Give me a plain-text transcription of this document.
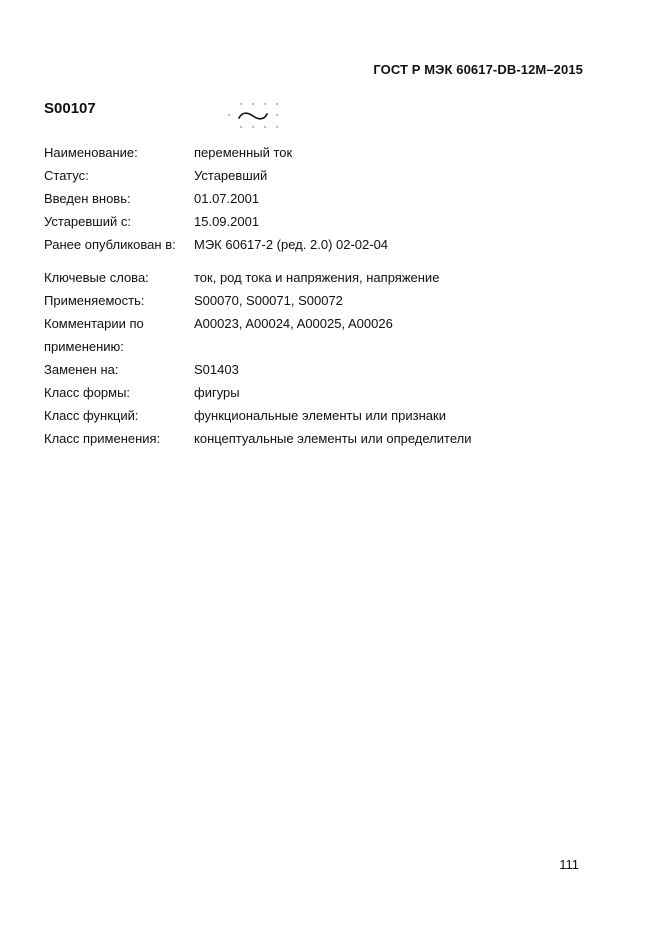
ГОСТ Р МЭК 60617-DB-12M–2015
S00107
Наименование:	переменный ток
Статус:	Устаревший
Введен вновь:	01.07.2001
Устаревший с:	15.09.2001
Ранее опубликован в:	МЭК 60617-2 (ред. 2.0) 02-02-04
Ключевые слова:	ток, род тока и напряжения, напряжение
Применяемость:	S00070, S00071, S00072
Комментарии по применению:
A00023, A00024, A00025, A00026
Заменен на:	S01403
Класс формы:	фигуры
Класс функций:	функциональные элементы или признаки
Класс применения:	концептуальные элементы или определители
111
